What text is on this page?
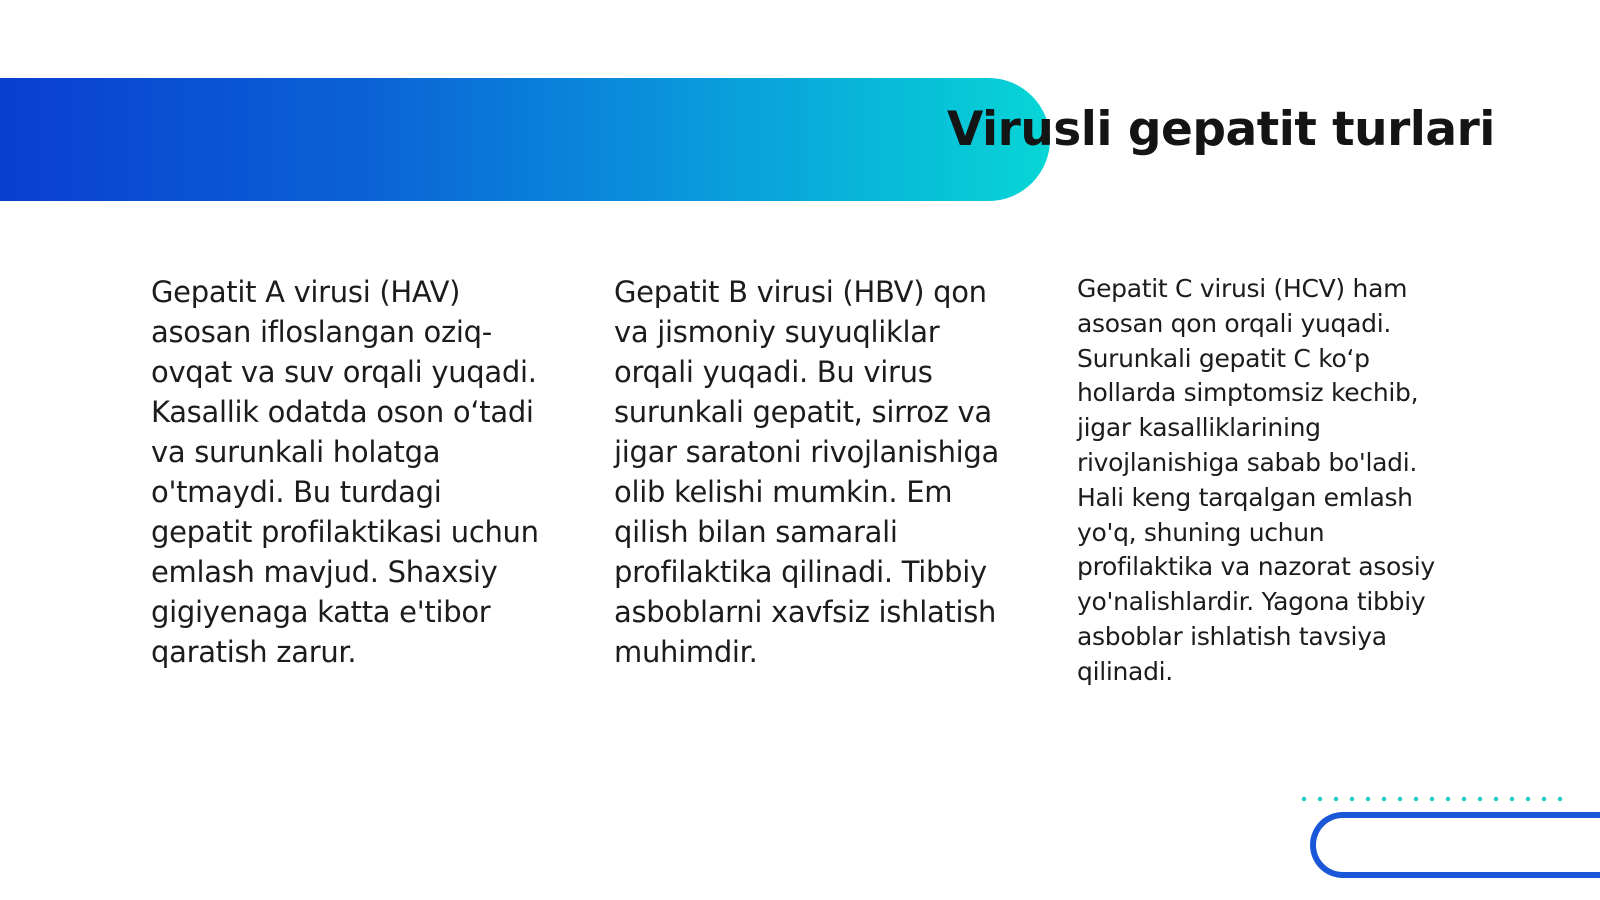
Virusli gepatit turlari

Gepatit A virusi (HAV) asosan ifloslangan oziq-ovqat va suv orqali yuqadi. Kasallik odatda oson o‘tadi va surunkali holatga o'tmaydi. Bu turdagi gepatit profilaktikasi uchun emlash mavjud. Shaxsiy gigiyenaga katta e'tibor qaratish zarur.

Gepatit B virusi (HBV) qon va jismoniy suyuqliklar orqali yuqadi. Bu virus surunkali gepatit, sirroz va jigar saratoni rivojlanishiga olib kelishi mumkin. Em qilish bilan samarali profilaktika qilinadi. Tibbiy asboblarni xavfsiz ishlatish muhimdir.

Gepatit C virusi (HCV) ham asosan qon orqali yuqadi. Surunkali gepatit C ko‘p hollarda simptomsiz kechib, jigar kasalliklarining rivojlanishiga sabab bo'ladi. Hali keng tarqalgan emlash yo'q, shuning uchun profilaktika va nazorat asosiy yo'nalishlardir. Yagona tibbiy asboblar ishlatish tavsiya qilinadi.
